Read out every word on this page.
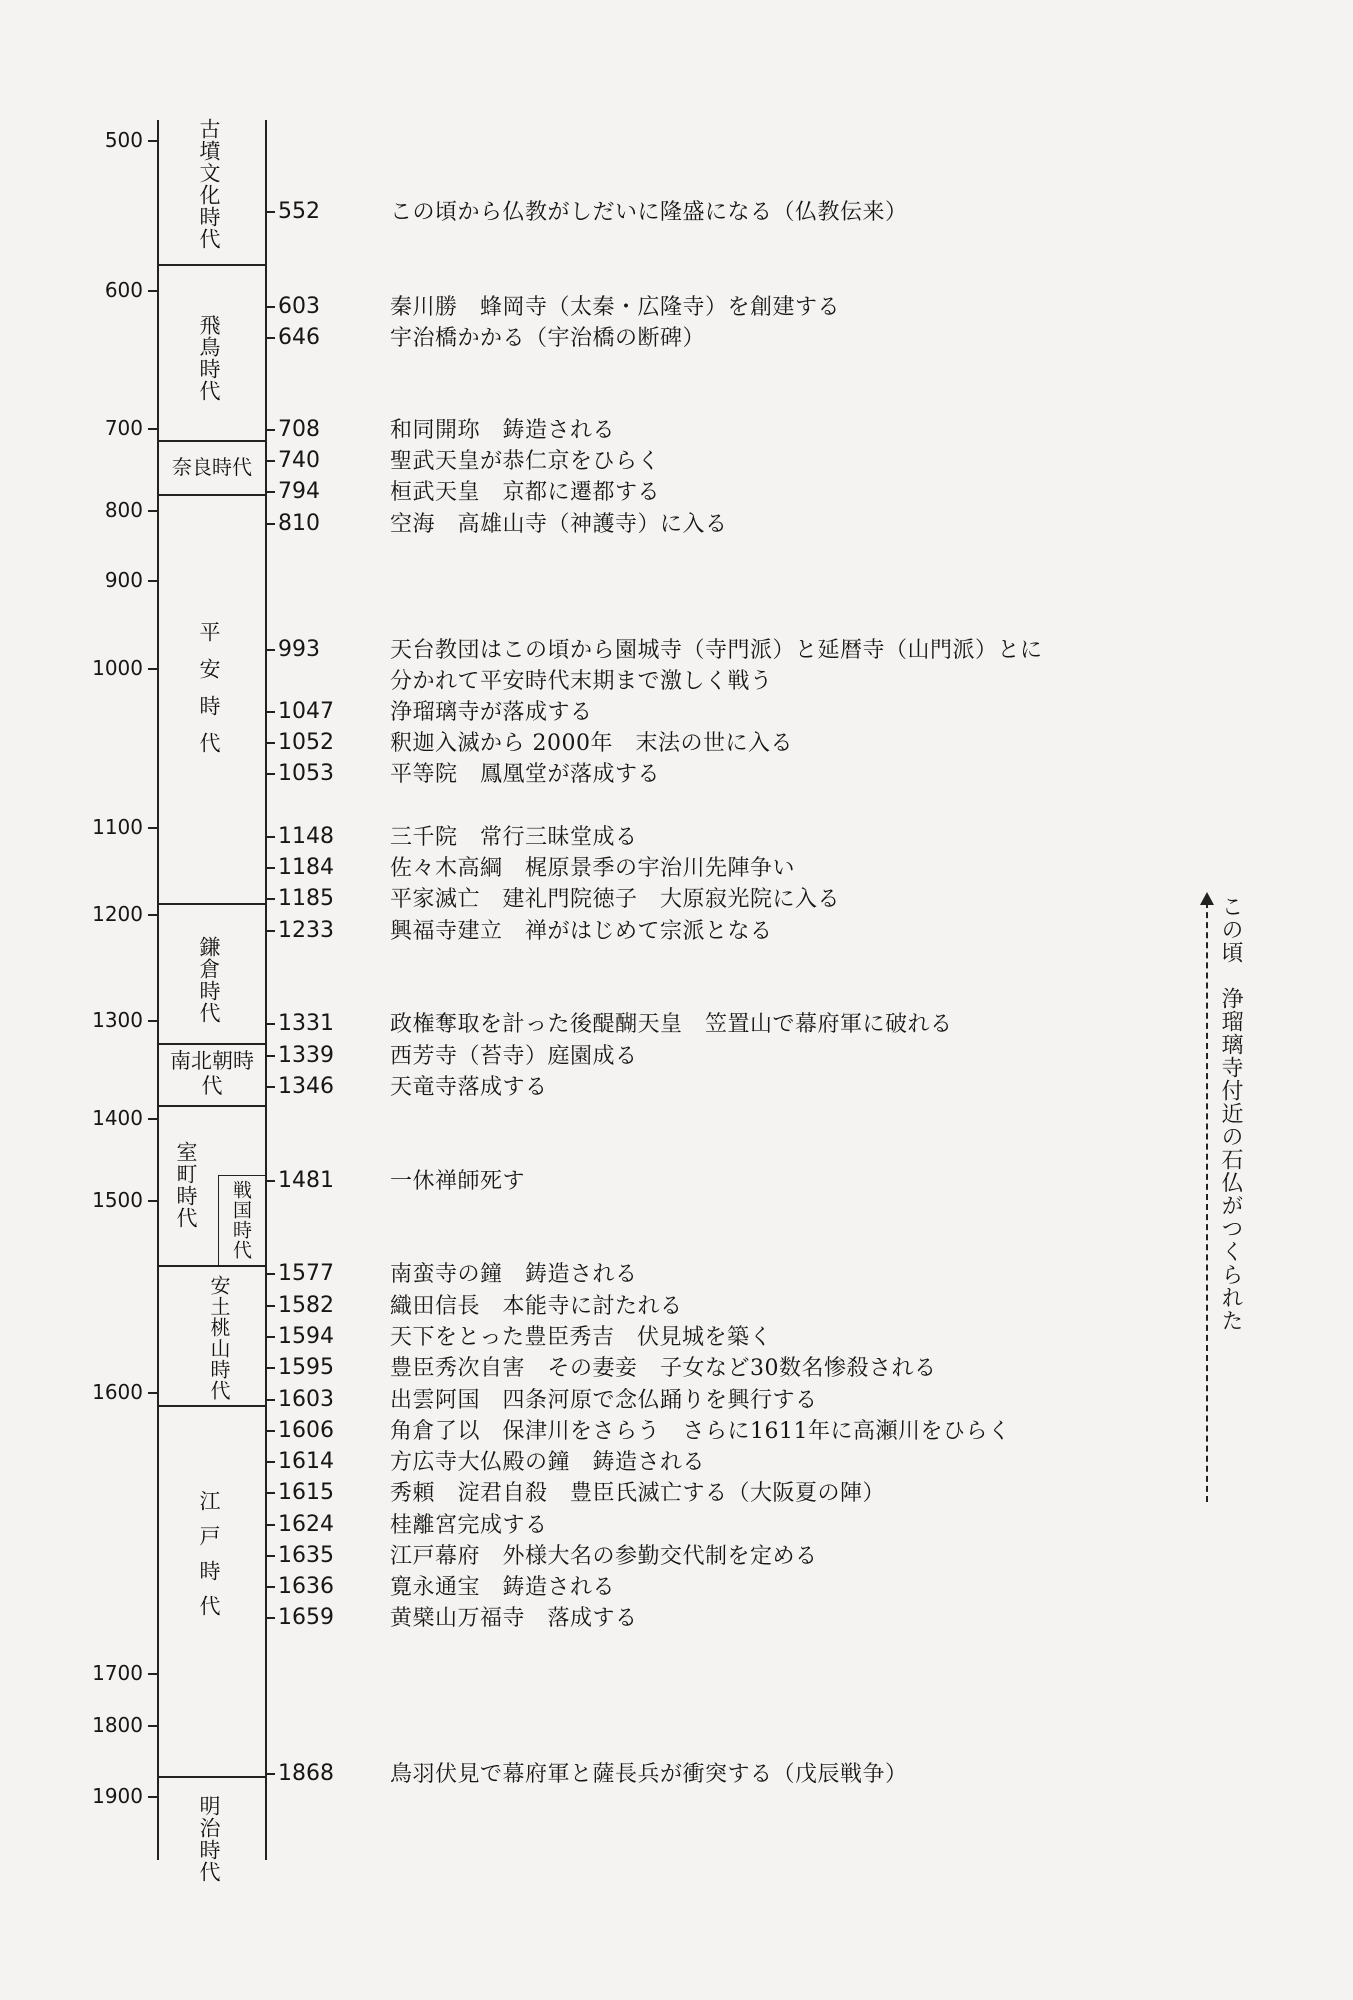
500
600
700
800
900
1000
1100
1200
1300
1400
1500
1600
1700
1800
1900
古墳文化時代
飛鳥時代
奈良時代
平安時代
鎌倉時代
南北朝時代
室町時代 戦国時代
安土桃山時代
江戸時代
明治時代
552	この頃から仏教がしだいに隆盛になる（仏教伝来）
603	秦川勝　蜂岡寺（太秦・広隆寺）を創建する
646	宇治橋かかる（宇治橋の断碑）
708	和同開珎　鋳造される
740	聖武天皇が恭仁京をひらく
794	桓武天皇　京都に遷都する
810	空海　高雄山寺（神護寺）に入る
993	天台教団はこの頃から園城寺（寺門派）と延暦寺（山門派）とに
分かれて平安時代末期まで激しく戦う
1047	浄瑠璃寺が落成する
1052	釈迦入滅から 2000年　末法の世に入る
1053	平等院　鳳凰堂が落成する
1148	三千院　常行三昧堂成る
1184	佐々木高綱　梶原景季の宇治川先陣争い
1185	平家滅亡　建礼門院徳子　大原寂光院に入る
1233	興福寺建立　禅がはじめて宗派となる
1331	政権奪取を計った後醍醐天皇　笠置山で幕府軍に破れる
1339	西芳寺（苔寺）庭園成る
1346	天竜寺落成する
1481	一休禅師死す
1577	南蛮寺の鐘　鋳造される
1582	織田信長　本能寺に討たれる
1594	天下をとった豊臣秀吉　伏見城を築く
1595	豊臣秀次自害　その妻妾　子女など30数名惨殺される
1603	出雲阿国　四条河原で念仏踊りを興行する
1606	角倉了以　保津川をさらう　さらに1611年に高瀬川をひらく
1614	方広寺大仏殿の鐘　鋳造される
1615	秀頼　淀君自殺　豊臣氏滅亡する（大阪夏の陣）
1624	桂離宮完成する
1635	江戸幕府　外様大名の参勤交代制を定める
1636	寛永通宝　鋳造される
1659	黄檗山万福寺　落成する
1868	鳥羽伏見で幕府軍と薩長兵が衝突する（戊辰戦争）
この頃　浄瑠璃寺付近の石仏がつくられた
